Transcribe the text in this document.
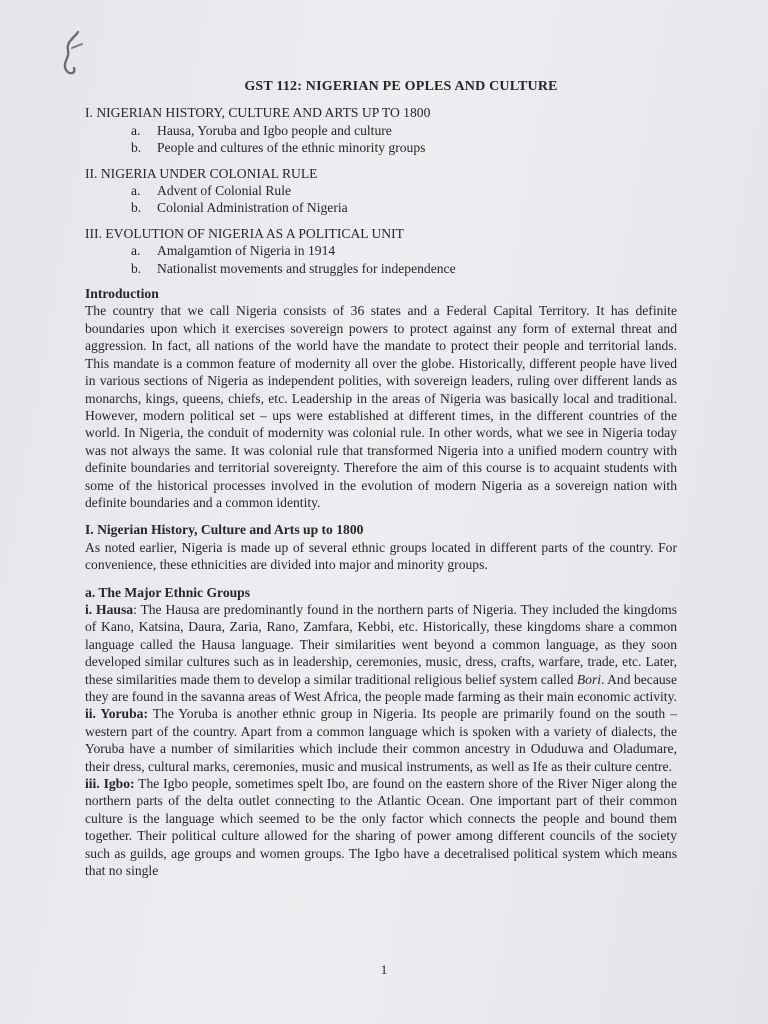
GST 112: NIGERIAN PE OPLES AND CULTURE
I. NIGERIAN HISTORY, CULTURE AND ARTS UP TO 1800
a.	Hausa, Yoruba and Igbo people and culture
b.	People and cultures of the ethnic minority groups
II. NIGERIA UNDER COLONIAL RULE
a.	Advent of Colonial Rule
b.	Colonial Administration of Nigeria
III. EVOLUTION OF NIGERIA AS A POLITICAL UNIT
a.	Amalgamtion of Nigeria in 1914
b.	Nationalist movements and struggles for independence
Introduction

The country that we call Nigeria consists of 36 states and a Federal Capital Territory. It has definite boundaries upon which it exercises sovereign powers to protect against any form of external threat and aggression. In fact, all nations of the world have the mandate to protect their people and territorial lands. This mandate is a common feature of modernity all over the globe. Historically, different people have lived in various sections of Nigeria as independent polities, with sovereign leaders, ruling over different lands as monarchs, kings, queens, chiefs, etc. Leadership in the areas of Nigeria was basically local and traditional. However, modern political set – ups were established at different times, in the different countries of the world. In Nigeria, the conduit of modernity was colonial rule. In other words, what we see in Nigeria today was not always the same. It was colonial rule that transformed Nigeria into a unified modern country with definite boundaries and territorial sovereignty. Therefore the aim of this course is to acquaint students with some of the historical processes involved in the evolution of modern Nigeria as a sovereign nation with definite boundaries and a common identity.

I. Nigerian History, Culture and Arts up to 1800

As noted earlier, Nigeria is made up of several ethnic groups located in different parts of the country. For convenience, these ethnicities are divided into major and minority groups.

a. The Major Ethnic Groups

i. Hausa: The Hausa are predominantly found in the northern parts of Nigeria. They included the kingdoms of Kano, Katsina, Daura, Zaria, Rano, Zamfara, Kebbi, etc. Historically, these kingdoms share a common language called the Hausa language. Their similarities went beyond a common language, as they soon developed similar cultures such as in leadership, ceremonies, music, dress, crafts, warfare, trade, etc. Later, these similarities made them to develop a similar traditional religious belief system called Bori. And because they are found in the savanna areas of West Africa, the people made farming as their main economic activity.

ii. Yoruba: The Yoruba is another ethnic group in Nigeria. Its people are primarily found on the south – western part of the country. Apart from a common language which is spoken with a variety of dialects, the Yoruba have a number of similarities which include their common ancestry in Oduduwa and Oladumare, their dress, cultural marks, ceremonies, music and musical instruments, as well as Ife as their culture centre.

iii. Igbo: The Igbo people, sometimes spelt Ibo, are found on the eastern shore of the River Niger along the northern parts of the delta outlet connecting to the Atlantic Ocean. One important part of their common culture is the language which seemed to be the only factor which connects the people and bound them together. Their political culture allowed for the sharing of power among different councils of the society such as guilds, age groups and women groups. The Igbo have a decetralised political system which means that no single

1
